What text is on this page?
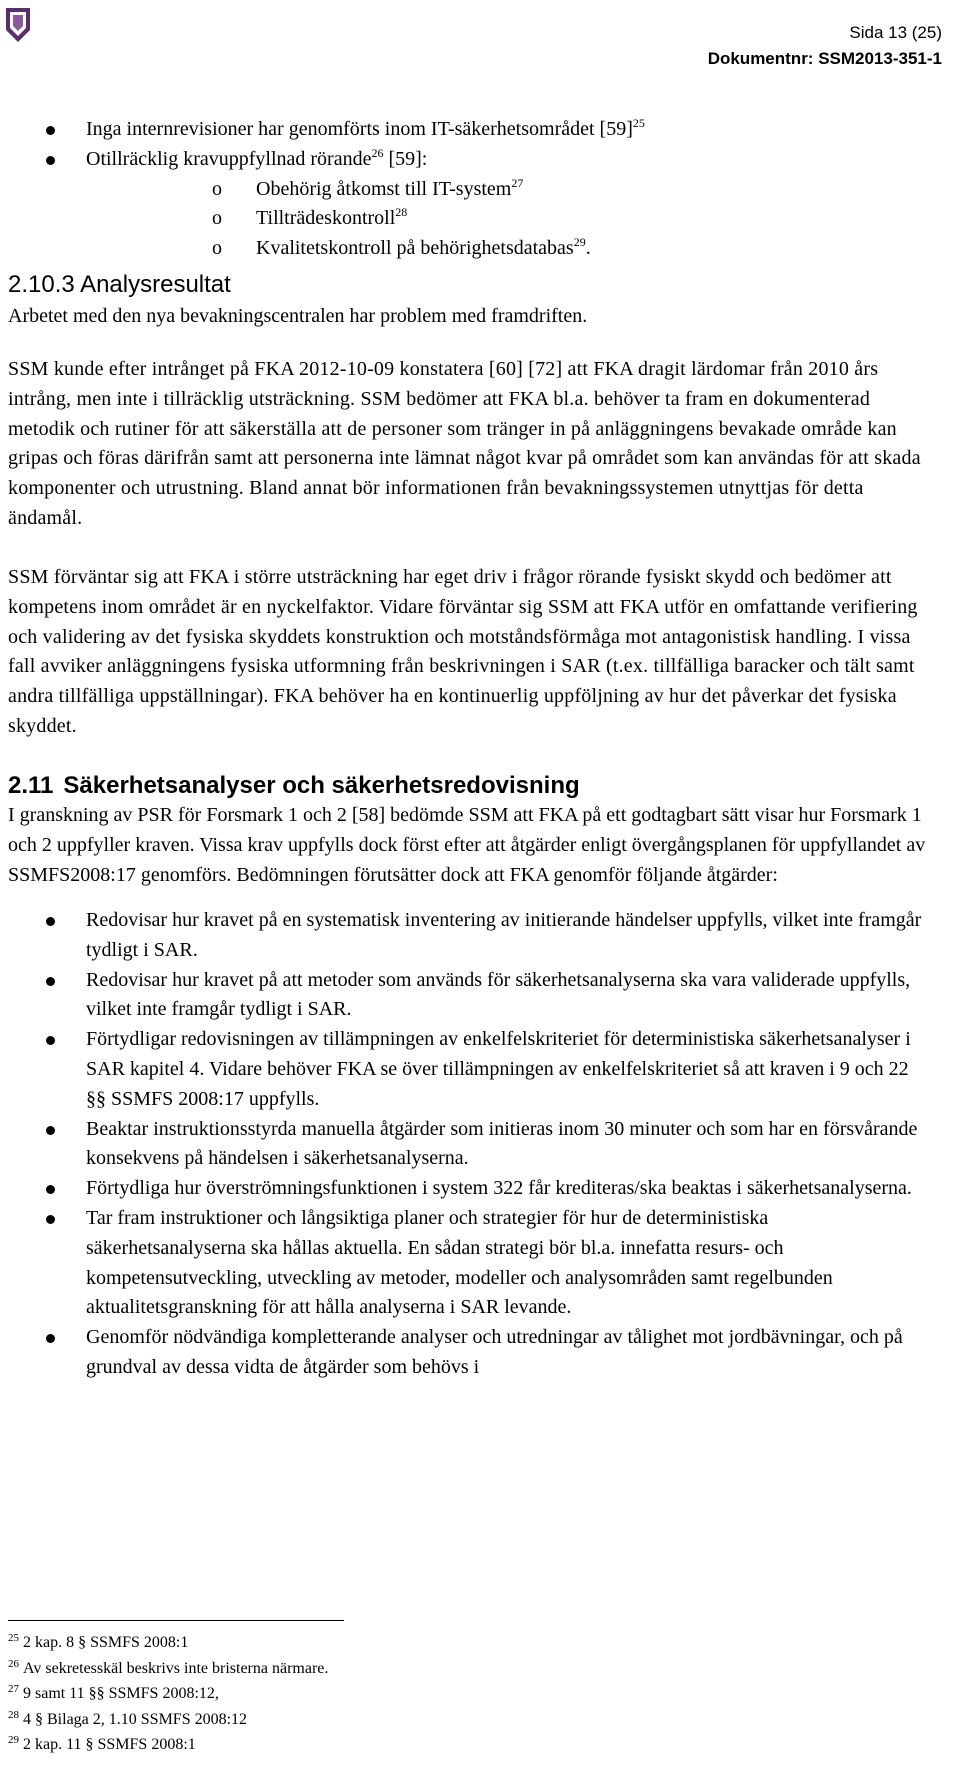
Sida 13 (25)
Dokumentnr: SSM2013-351-1
Inga internrevisioner har genomförts inom IT-säkerhetsområdet $[59]^{25}$
Otillräcklig kravuppfyllnad rörande$^{26}$ [59]:
o Obehörig åtkomst till IT-system$^{27}$
o Tillträdeskontroll$^{28}$
o Kvalitetskontroll på behörighetsdatabas$^{29}$.
2.10.3 Analysresultat
Arbetet med den nya bevakningscentralen har problem med framdriften.
SSM kunde efter intrånget på FKA 2012-10-09 konstatera [60] [72] att FKA dragit lärdomar från 2010 års intrång, men inte i tillräcklig utsträckning. SSM bedömer att FKA bl.a. behöver ta fram en dokumenterad metodik och rutiner för att säkerställa att de personer som tränger in på anläggningens bevakade område kan gripas och föras därifrån samt att personerna inte lämnat något kvar på området som kan användas för att skada komponenter och utrustning. Bland annat bör informationen från bevakningssystemen utnyttjas för detta ändamål.
SSM förväntar sig att FKA i större utsträckning har eget driv i frågor rörande fysiskt skydd och bedömer att kompetens inom området är en nyckelfaktor. Vidare förväntar sig SSM att FKA utför en omfattande verifiering och validering av det fysiska skyddets konstruktion och motståndsförmåga mot antagonistisk handling. I vissa fall avviker anläggningens fysiska utformning från beskrivningen i SAR (t.ex. tillfälliga baracker och tält samt andra tillfälliga uppställningar). FKA behöver ha en kontinuerlig uppföljning av hur det påverkar det fysiska skyddet.
2.11 Säkerhetsanalyser och säkerhetsredovisning
I granskning av PSR för Forsmark 1 och 2 [58] bedömde SSM att FKA på ett godtagbart sätt visar hur Forsmark 1 och 2 uppfyller kraven. Vissa krav uppfylls dock först efter att åtgärder enligt övergångsplanen för uppfyllandet av SSMFS2008:17 genomförs. Bedömningen förutsätter dock att FKA genomför följande åtgärder:
Redovisar hur kravet på en systematisk inventering av initierande händelser uppfylls, vilket inte framgår tydligt i SAR.
Redovisar hur kravet på att metoder som används för säkerhetsanalyserna ska vara validerade uppfylls, vilket inte framgår tydligt i SAR.
Förtydligar redovisningen av tillämpningen av enkelfelskriteriet för deterministiska säkerhetsanalyser i SAR kapitel 4. Vidare behöver FKA se över tillämpningen av enkelfelskriteriet så att kraven i 9 och 22 §§ SSMFS 2008:17 uppfylls.
Beaktar instruktionsstyrda manuella åtgärder som initieras inom 30 minuter och som har en försvårande konsekvens på händelsen i säkerhetsanalyserna.
Förtydliga hur överströmningsfunktionen i system 322 får krediteras/ska beaktas i säkerhetsanalyserna.
Tar fram instruktioner och långsiktiga planer och strategier för hur de deterministiska säkerhetsanalyserna ska hållas aktuella. En sådan strategi bör bl.a. innefatta resurs- och kompetensutveckling, utveckling av metoder, modeller och analysområden samt regelbunden aktualitetsgranskning för att hålla analyserna i SAR levande.
Genomför nödvändiga kompletterande analyser och utredningar av tålighet mot jordbävningar, och på grundval av dessa vidta de åtgärder som behövs i
$^{25}$ 2 kap. 8 § SSMFS 2008:1
$^{26}$ Av sekretesskäl beskrivs inte bristerna närmare.
$^{27}$ 9 samt 11 §§ SSMFS 2008:12,
$^{28}$ 4 § Bilaga 2, 1.10 SSMFS 2008:12
$^{29}$ 2 kap. 11 § SSMFS 2008:1
